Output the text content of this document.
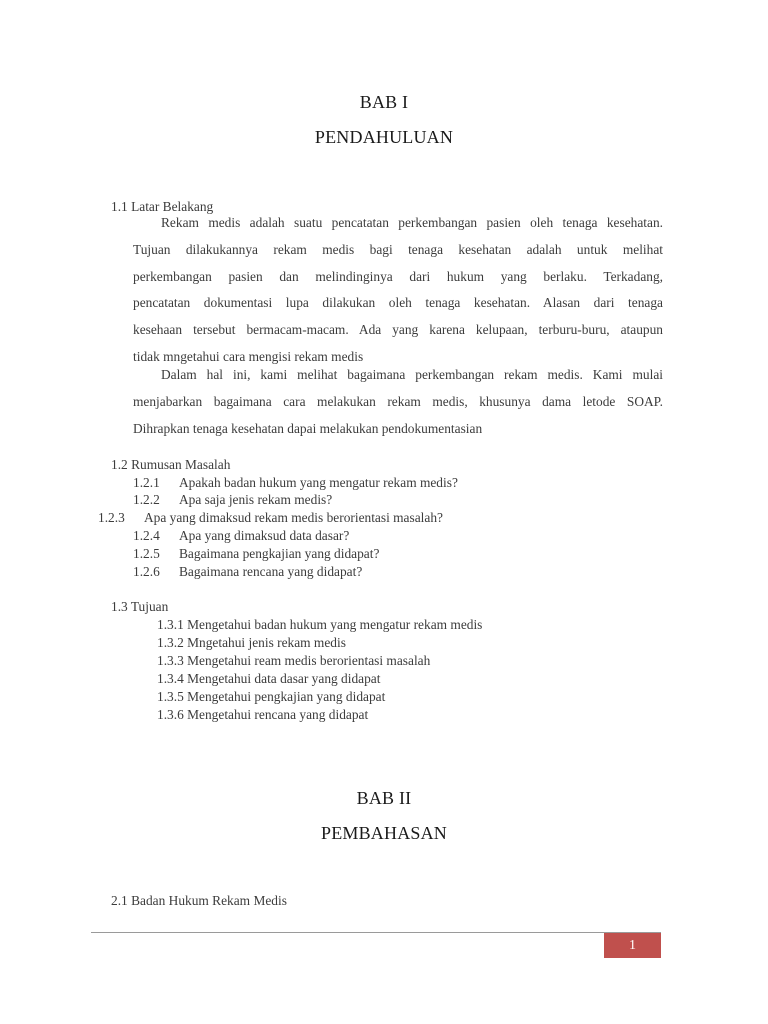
BAB I
PENDAHULUAN
1.1 Latar Belakang
Rekam medis adalah suatu pencatatan perkembangan pasien oleh tenaga kesehatan.
Tujuan dilakukannya rekam medis bagi tenaga kesehatan adalah untuk melihat
perkembangan pasien dan melindinginya dari hukum yang berlaku. Terkadang,
pencatatan dokumentasi lupa dilakukan oleh tenaga kesehatan. Alasan dari tenaga
kesehaan tersebut bermacam-macam. Ada yang karena kelupaan, terburu-buru, ataupun
tidak mngetahui cara mengisi rekam medis
Dalam hal ini, kami melihat bagaimana perkembangan rekam medis. Kami mulai
menjabarkan bagaimana cara melakukan rekam medis, khusunya dama letode SOAP.
Dihrapkan tenaga kesehatan dapai melakukan pendokumentasian
1.2 Rumusan Masalah
1.2.1 Apakah badan hukum yang mengatur rekam medis?
1.2.2 Apa saja jenis rekam medis?
1.2.3 Apa yang dimaksud rekam medis berorientasi masalah?
1.2.4 Apa yang dimaksud data dasar?
1.2.5 Bagaimana pengkajian yang didapat?
1.2.6 Bagaimana rencana yang didapat?
1.3 Tujuan
1.3.1 Mengetahui badan hukum yang mengatur rekam medis
1.3.2 Mngetahui jenis rekam medis
1.3.3 Mengetahui ream medis berorientasi masalah
1.3.4 Mengetahui data dasar yang didapat
1.3.5 Mengetahui pengkajian yang didapat
1.3.6 Mengetahui rencana yang didapat
BAB II
PEMBAHASAN
2.1 Badan Hukum Rekam Medis
1
